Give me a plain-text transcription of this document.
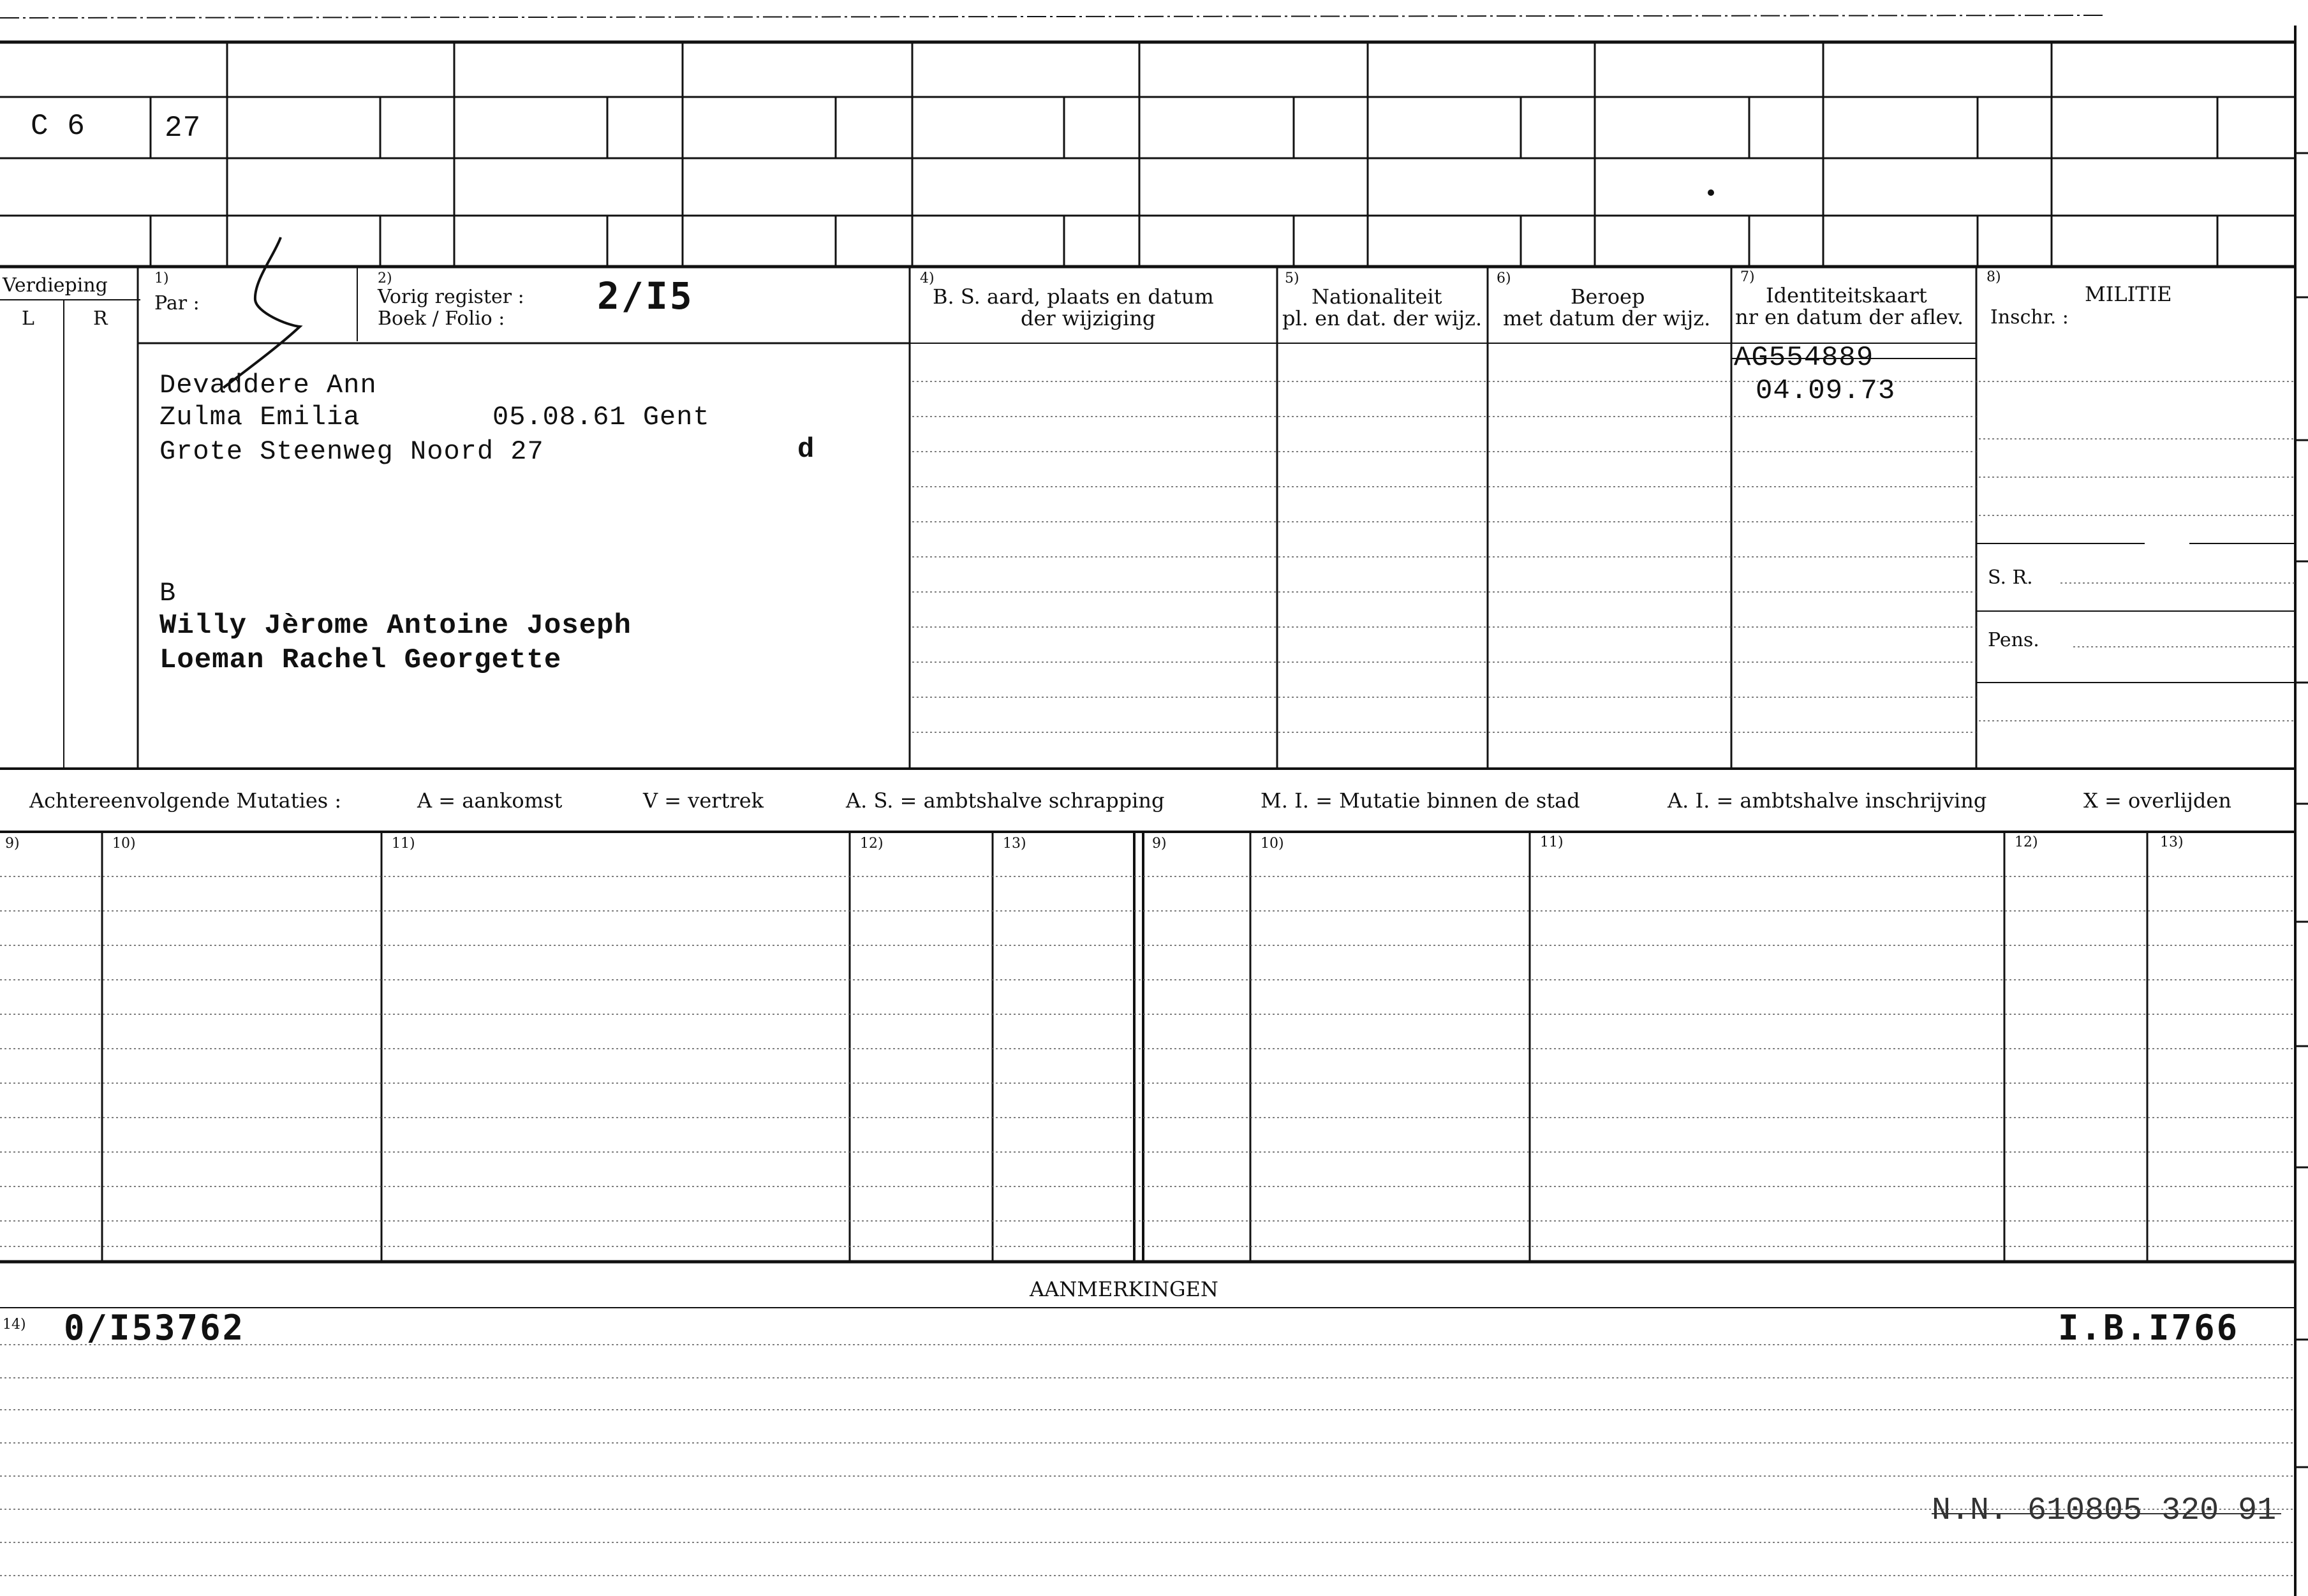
C 6	27
Verdieping
L	R
1)
Par :
2)
Vorig register : 2/I5
Boek / Folio :
4)
B. S. aard, plaats en datum
der wijziging
5)
Nationaliteit
pl. en dat. der wijz.
6)
Beroep
met datum der wijz.
7)
Identiteitskaart
nr en datum der aflev.
8)
MILITIE
Inschr. :
S. R.
Pens.
Devaddere Ann
Zulma Emilia	05.08.61 Gent
Grote Steenweg Noord 27	d
B
Willy Jèrome Antoine Joseph
Loeman Rachel Georgette
AG554889
04.09.73
Achtereenvolgende Mutaties :	A = aankomst	V = vertrek	A. S. = ambtshalve schrapping	M. I. = Mutatie binnen de stad	A. I. = ambtshalve inschrijving	X = overlijden
9)	10)	11)	12)	13)	9)	10)	11)	12)	13)
AANMERKINGEN
14) 0/I53762	I.B.I766
N.N. 610805 320 91
